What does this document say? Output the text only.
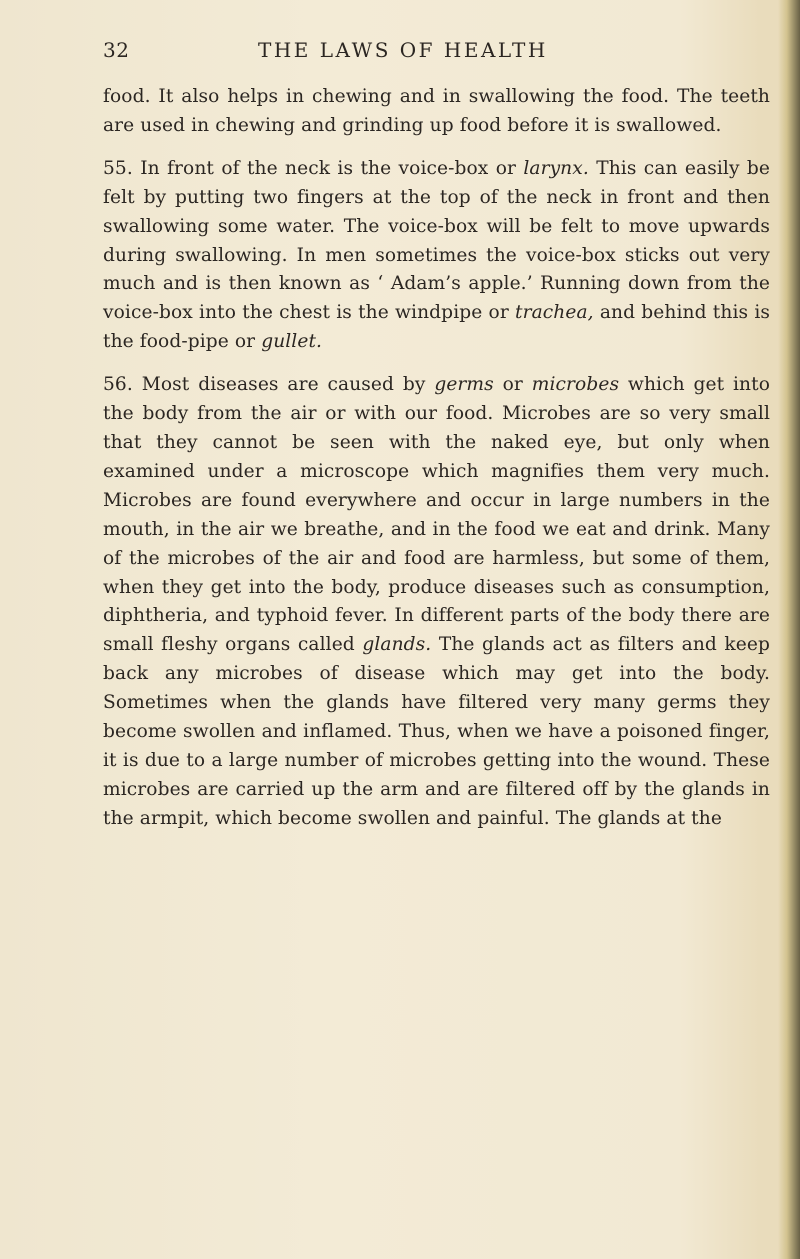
32	THE LAWS OF HEALTH

food. It also helps in chewing and in swallowing the food. The teeth are used in chewing and grinding up food before it is swallowed.

55. In front of the neck is the voice-box or larynx. This can easily be felt by putting two fingers at the top of the neck in front and then swallowing some water. The voice-box will be felt to move upwards during swallowing. In men sometimes the voice-box sticks out very much and is then known as ‘ Adam’s apple.’ Running down from the voice-box into the chest is the windpipe or trachea, and behind this is the food-pipe or gullet.

56. Most diseases are caused by germs or microbes which get into the body from the air or with our food. Microbes are so very small that they cannot be seen with the naked eye, but only when examined under a microscope which magnifies them very much. Microbes are found everywhere and occur in large numbers in the mouth, in the air we breathe, and in the food we eat and drink. Many of the microbes of the air and food are harmless, but some of them, when they get into the body, produce diseases such as consumption, diphtheria, and typhoid fever. In different parts of the body there are small fleshy organs called glands. The glands act as filters and keep back any microbes of disease which may get into the body. Sometimes when the glands have filtered very many germs they become swollen and inflamed. Thus, when we have a poisoned finger, it is due to a large number of microbes getting into the wound. These microbes are carried up the arm and are filtered off by the glands in the armpit, which become swollen and painful. The glands at the
